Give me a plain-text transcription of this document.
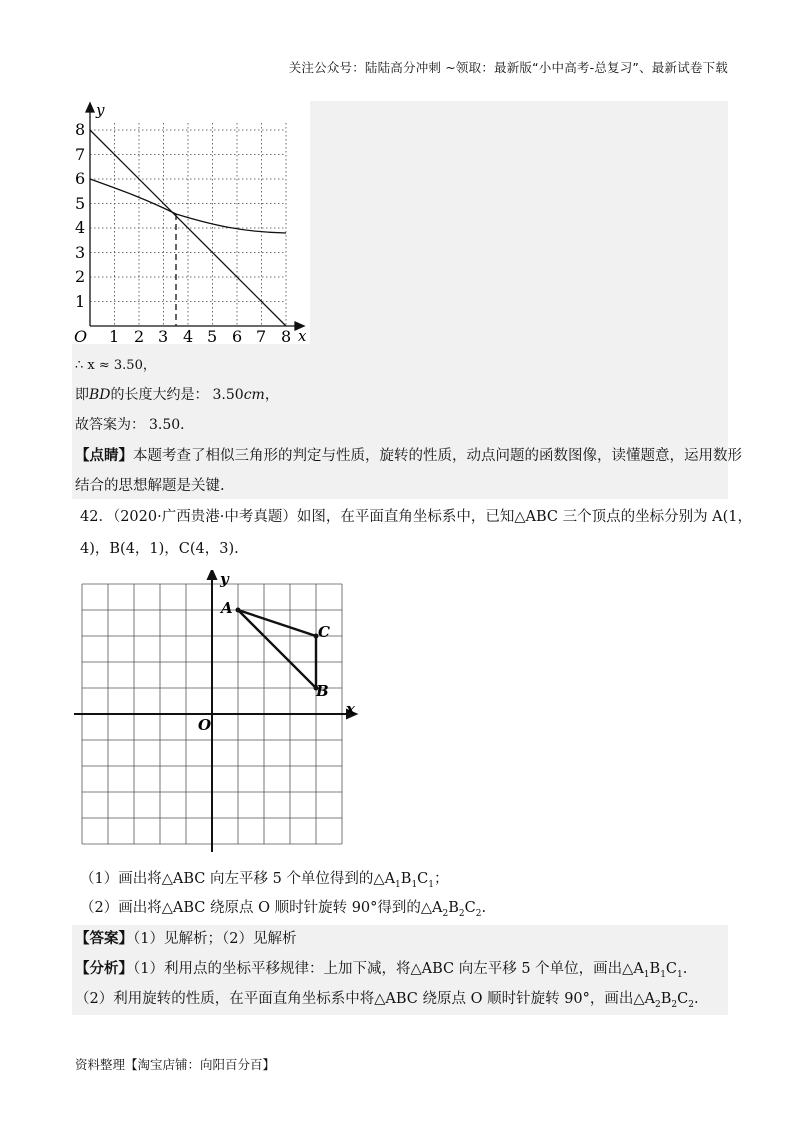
关注公众号：陆陆高分冲刺 ~领取：最新版“小中高考-总复习”、最新试卷下载
y
x
O
1
2
3
4
5
6
7
8
1 2 3 4 5 6 7 8
∴ x ≈ 3.50，
即BD的长度大约是： 3.50cm，
故答案为： 3.50．
【点睛】本题考查了相似三角形的判定与性质，旋转的性质，动点问题的函数图像，读懂题意，运用数形
结合的思想解题是关键.
42．（2020·广西贵港·中考真题）如图，在平面直角坐标系中，已知△ABC 三个顶点的坐标分别为 A(1，
4)，B(4，1)，C(4，3).
y
x
O
A
B
C
（1）画出将△ABC 向左平移 5 个单位得到的$\triangle A_1B_1C_1$；
（2）画出将△ABC 绕原点 O 顺时针旋转 90°得到的$\triangle A_2B_2C_2$.
【答案】（1）见解析；（2）见解析
【分析】（1）利用点的坐标平移规律：上加下减，将△ABC 向左平移 5 个单位，画出$\triangle A_1B_1C_1$.
（2）利用旋转的性质，在平面直角坐标系中将△ABC 绕原点 O 顺时针旋转 90°，画出$\triangle A_2B_2C_2$.
资料整理【淘宝店铺：向阳百分百】
